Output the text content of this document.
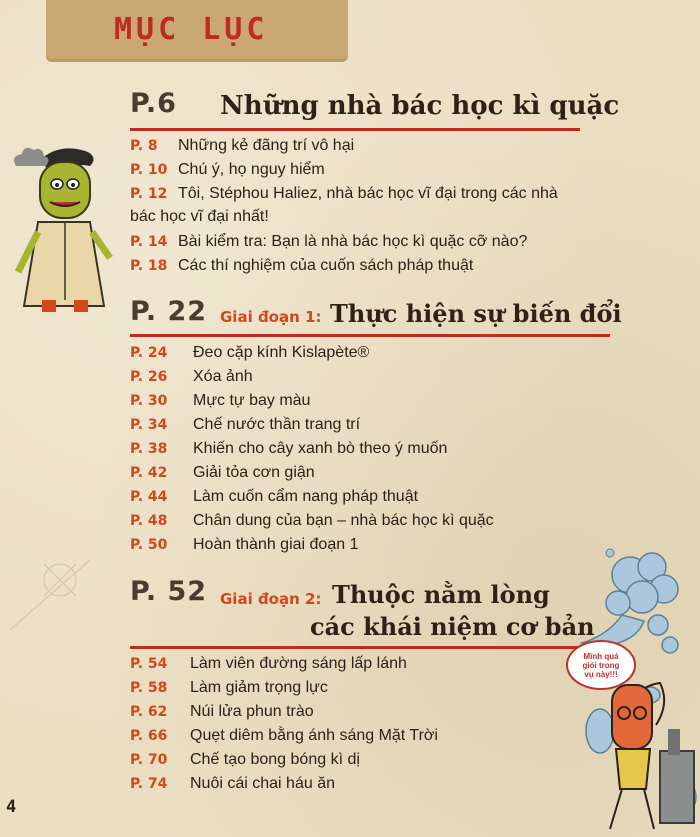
MỤC LỤC
P.6 Những nhà bác học kì quặc
P. 8	Những kẻ đãng trí vô hại
P. 10 Chú ý, họ nguy hiểm
P. 12 Tôi, Stéphou Haliez, nhà bác học vĩ đại trong các nhà
bác học vĩ đại nhất!
P. 14 Bài kiểm tra: Bạn là nhà bác học kì quặc cỡ nào?
P. 18 Các thí nghiệm của cuốn sách pháp thuật
P. 22 Giai đoạn 1: Thực hiện sự biến đổi
P. 24	Đeo cặp kính Kislapète®
P. 26	Xóa ảnh
P. 30	Mực tự bay màu
P. 34	Chế nước thần trang trí
P. 38	Khiến cho cây xanh bò theo ý muốn
P. 42	Giải tỏa cơn giận
P. 44	Làm cuốn cẩm nang pháp thuật
P. 48	Chân dung của bạn – nhà bác học kì quặc
P. 50	Hoàn thành giai đoạn 1
P. 52 Giai đoạn 2: Thuộc nằm lòng
các khái niệm cơ bản
P. 54	Làm viên đường sáng lấp lánh
P. 58	Làm giảm trọng lực
P. 62	Núi lửa phun trào
P. 66	Quẹt diêm bằng ánh sáng Mặt Trời
P. 70	Chế tạo bong bóng kì dị
P. 74	Nuôi cái chai háu ăn
Mình quá giỏi trong vụ này!!!
4
